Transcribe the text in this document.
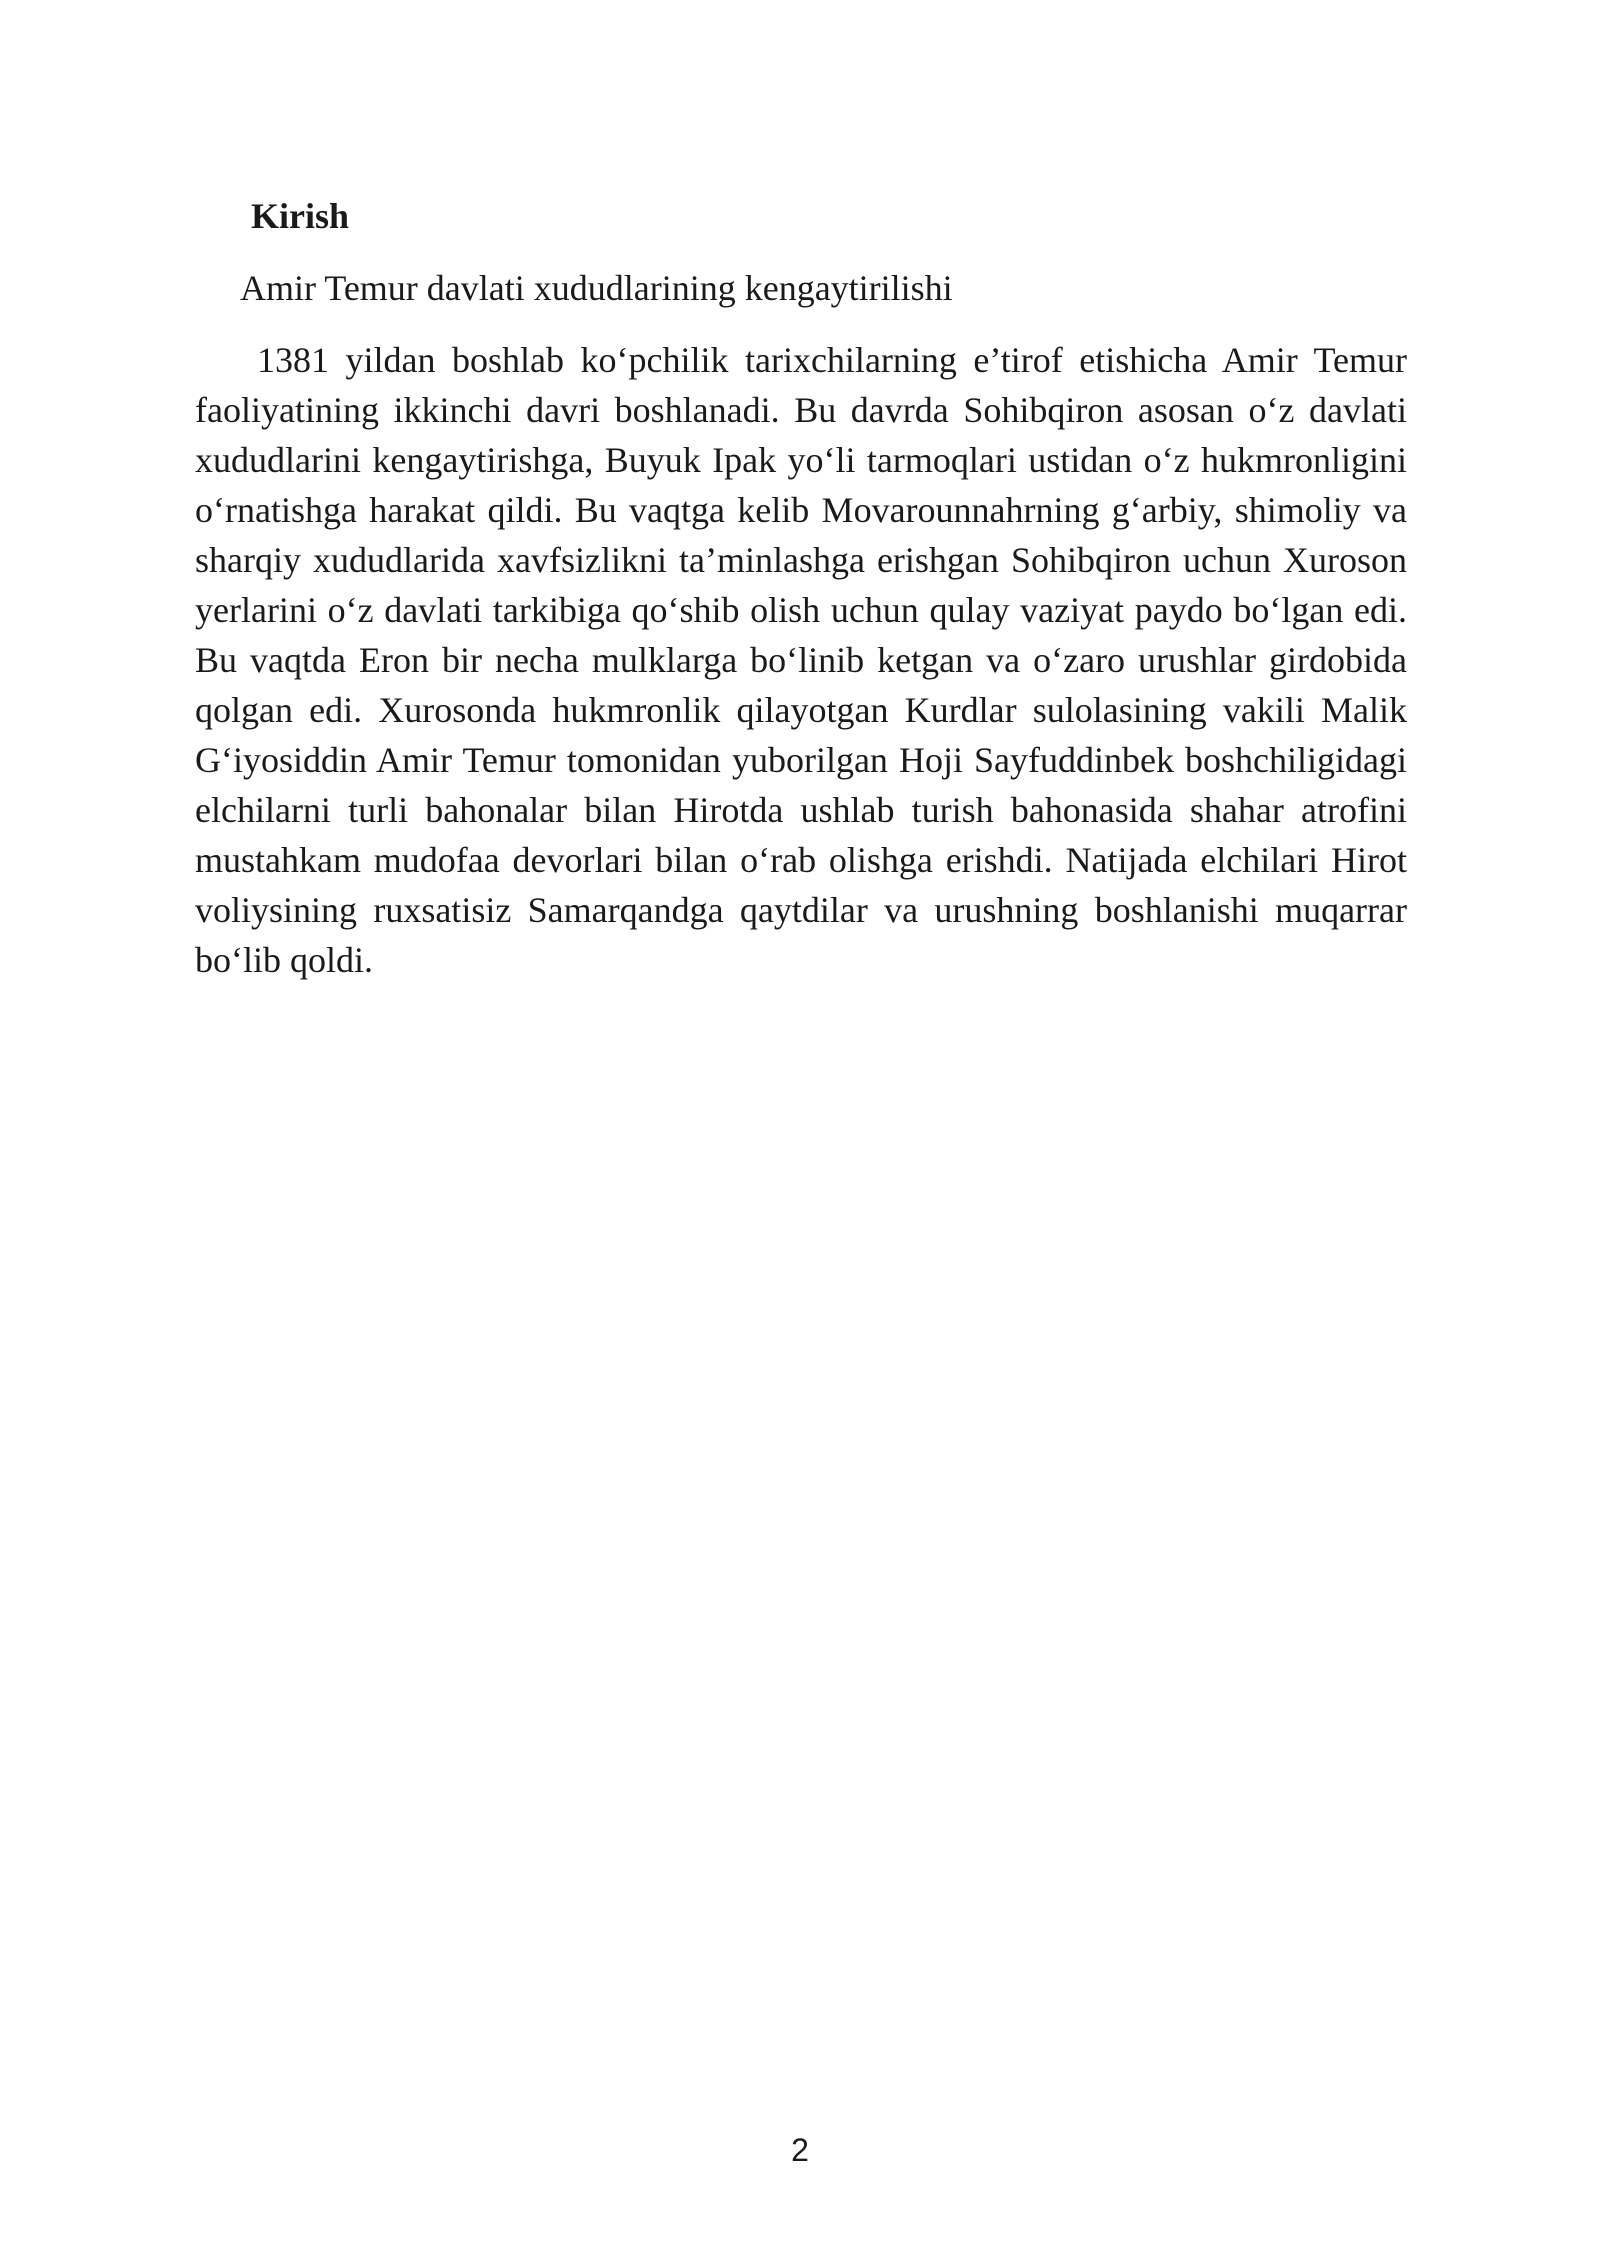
Kirish

Amir Temur davlati xududlarining kengaytirilishi

1381 yildan boshlab ko‘pchilik tarixchilarning e’tirof etishicha Amir Temur faoliyatining ikkinchi davri boshlanadi. Bu davrda Sohibqiron asosan o‘z davlati xududlarini kengaytirishga, Buyuk Ipak yo‘li tarmoqlari ustidan o‘z hukmronligini o‘rnatishga harakat qildi. Bu vaqtga kelib Movarounnahrning g‘arbiy, shimoliy va sharqiy xududlarida xavfsizlikni ta’minlashga erishgan Sohibqiron uchun Xuroson yerlarini o‘z davlati tarkibiga qo‘shib olish uchun qulay vaziyat paydo bo‘lgan edi. Bu vaqtda Eron bir necha mulklarga bo‘linib ketgan va o‘zaro urushlar girdobida qolgan edi. Xurosonda hukmronlik qilayotgan Kurdlar sulolasining vakili Malik G‘iyosiddin Amir Temur tomonidan yuborilgan Hoji Sayfuddinbek boshchiligidagi elchilarni turli bahonalar bilan Hirotda ushlab turish bahonasida shahar atrofini mustahkam mudofaa devorlari bilan o‘rab olishga erishdi. Natijada elchilari Hirot voliysining ruxsatisiz Samarqandga qaytdilar va urushning boshlanishi muqarrar bo‘lib qoldi.

2
